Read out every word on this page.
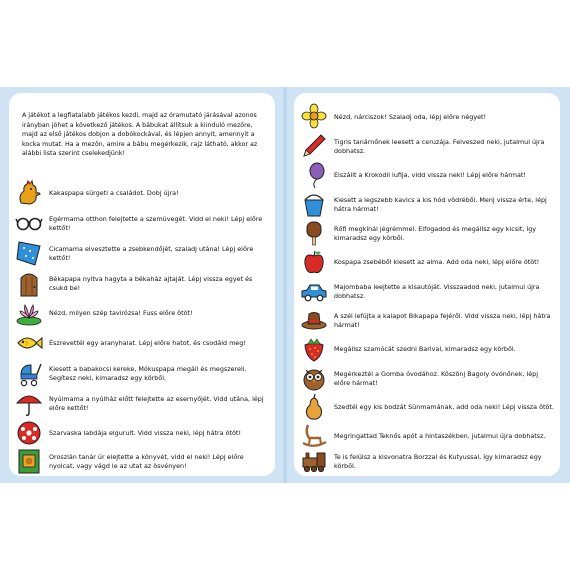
A játékot a legfiatalabb játékos kezdi, majd az óramutató járásával azonos irányban jöhet a következő játékos. A bábukat állítsuk a kiinduló mezőre, majd az első játékos dobjon a dobókockával, és lépjen annyit, amennyit a kocka mutat. Ha a mezőn, amire a bábu megérkezik, rajz látható, akkor az alábbi lista szerint cselekedjünk!
Kakaspapa sürgeti a családot. Dobj újra!
Egérmama otthon felejtette a szemüvegét. Vidd el neki! Lépj előre kettőt!
Cicamama elvesztette a zsebkendőjét, szaladj utána! Lépj előre kettőt!
Békapapa nyitva hagyta a békaház ajtaját. Lépj vissza egyet és csukd be!
Nézd, milyen szép tavirózsa! Fuss előre ötöt!
Észrevettél egy aranyhalat. Lépj előre hatot, és csodáld meg!
Kiesett a babakocsi kereke, Mókuspapa megáll és megszereli. Segítesz neki, kimaradsz egy körből.
Nyúlmama a nyúlház előtt felejtette az esernyőjét. Vidd utána, lépj előre kettőt!
Szarvaska labdája elgurult. Vidd vissza neki, lépj hátra ötöt!
Oroszlán tanár úr elejtette a könyvét, vidd el neki! Lépj előre nyolcat, vagy vágd le az utat az ösvényen!
Nézd, nárciszok! Szaladj oda, lépj előre négyet!
Tigris tanárnőnek leesett a ceruzája. Felveszed neki, jutalmul újra dobhatsz.
Elszállt a Krokodil lufija, vidd vissza neki! Lépj előre hármat!
Kiesett a legszebb kavics a kis hód vödréből. Menj vissza érte, lépj hátra hármat!
Rőfi megkínál jégrémmel. Elfogadod és megállsz egy kicsit, így kimaradsz egy körből.
Kospapa zsebéből kiesett az alma. Add oda neki, lépj előre ötöt!
Majombaba leejtette a kisautóját. Visszaadod neki, jutalmul újra dobhatsz.
A szél lefújta a kalapot Bikapapa fejéről. Vidd vissza neki, lépj hátra hármat!
Megállsz szamócát szedni Barival, kimaradsz egy körből.
Megérkeztél a Gomba óvodához. Köszönj Bagoly óvónőnek, lépj előre hármat!
Szedtél egy kis bodzát Sünmamának, add oda neki! Lépj vissza ötöt.
Megringattad Teknős apót a hintaszékben, jutalmul újra dobhatsz.
Te is felülsz a kisvonatra Borzzal és Kutyussal, így kimaradsz egy körből.
